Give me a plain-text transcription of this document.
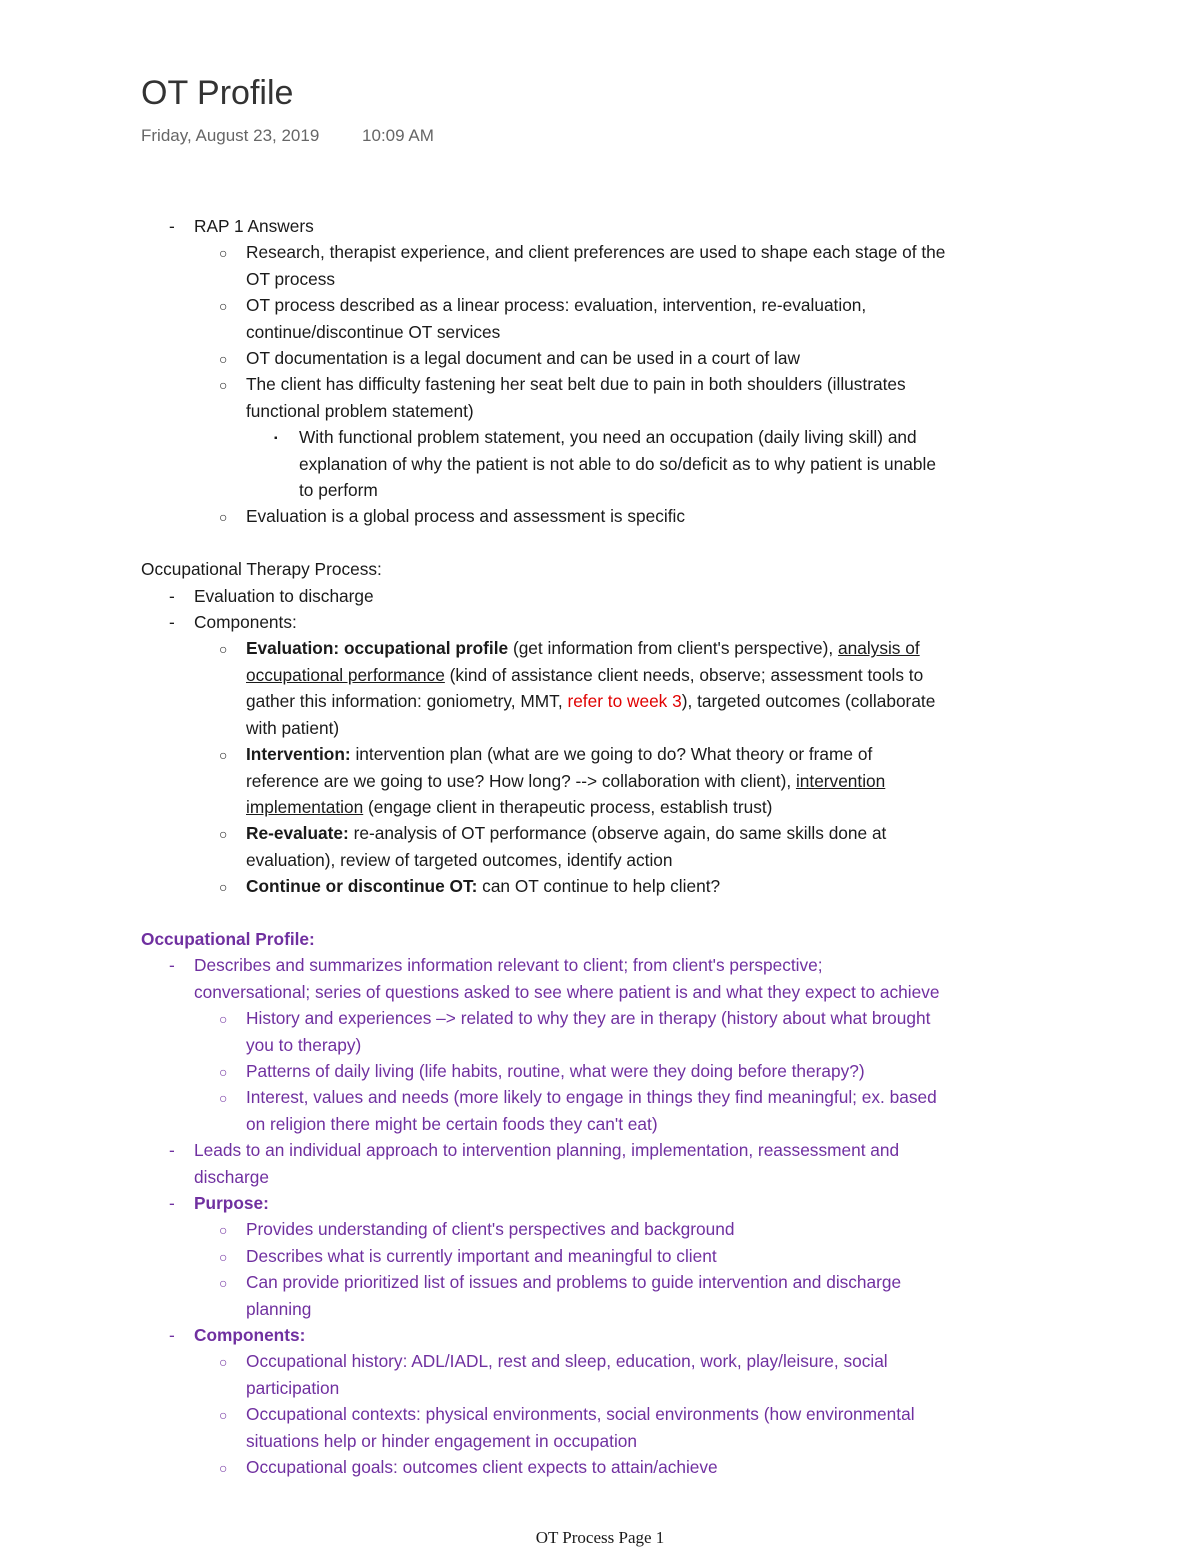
OT Profile
Friday, August 23, 2019	10:09 AM
- RAP 1 Answers
○ Research, therapist experience, and client preferences are used to shape each stage of the
OT process
○ OT process described as a linear process: evaluation, intervention, re-evaluation,
continue/discontinue OT services
○ OT documentation is a legal document and can be used in a court of law
○ The client has difficulty fastening her seat belt due to pain in both shoulders (illustrates
functional problem statement)
▪ With functional problem statement, you need an occupation (daily living skill) and
explanation of why the patient is not able to do so/deficit as to why patient is unable
to perform
○ Evaluation is a global process and assessment is specific
Occupational Therapy Process:
- Evaluation to discharge
- Components:
○ Evaluation: occupational profile (get information from client's perspective), analysis of
occupational performance (kind of assistance client needs, observe; assessment tools to
gather this information: goniometry, MMT, refer to week 3), targeted outcomes (collaborate
with patient)
○ Intervention: intervention plan (what are we going to do? What theory or frame of
reference are we going to use? How long? --> collaboration with client), intervention
implementation (engage client in therapeutic process, establish trust)
○ Re-evaluate: re-analysis of OT performance (observe again, do same skills done at
evaluation), review of targeted outcomes, identify action
○ Continue or discontinue OT: can OT continue to help client?
Occupational Profile:
- Describes and summarizes information relevant to client; from client's perspective;
conversational; series of questions asked to see where patient is and what they expect to achieve
○ History and experiences –> related to why they are in therapy (history about what brought
you to therapy)
○ Patterns of daily living (life habits, routine, what were they doing before therapy?)
○ Interest, values and needs (more likely to engage in things they find meaningful; ex. based
on religion there might be certain foods they can't eat)
- Leads to an individual approach to intervention planning, implementation, reassessment and
discharge
- Purpose:
○ Provides understanding of client's perspectives and background
○ Describes what is currently important and meaningful to client
○ Can provide prioritized list of issues and problems to guide intervention and discharge
planning
- Components:
○ Occupational history: ADL/IADL, rest and sleep, education, work, play/leisure, social
participation
○ Occupational contexts: physical environments, social environments (how environmental
situations help or hinder engagement in occupation
○ Occupational goals: outcomes client expects to attain/achieve
OT Process Page 1
